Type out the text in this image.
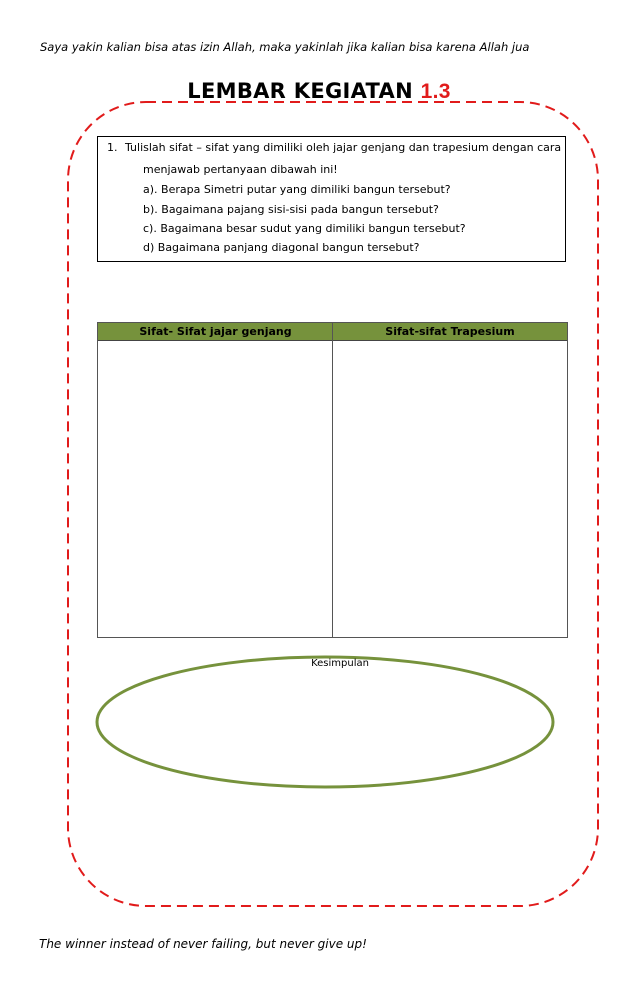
Saya yakin kalian bisa atas izin Allah, maka yakinlah jika kalian bisa karena Allah jua
LEMBAR KEGIATAN 1.3
1. Tulislah sifat – sifat yang dimiliki oleh jajar genjang dan trapesium dengan cara
menjawab pertanyaan dibawah ini!
a). Berapa Simetri putar yang dimiliki bangun tersebut?
b). Bagaimana pajang sisi-sisi pada bangun tersebut?
c). Bagaimana besar sudut yang dimiliki bangun tersebut?
d) Bagaimana panjang diagonal bangun tersebut?
Sifat- Sifat jajar genjang	Sifat-sifat Trapesium
Kesimpulan
The winner instead of never failing, but never give up!
